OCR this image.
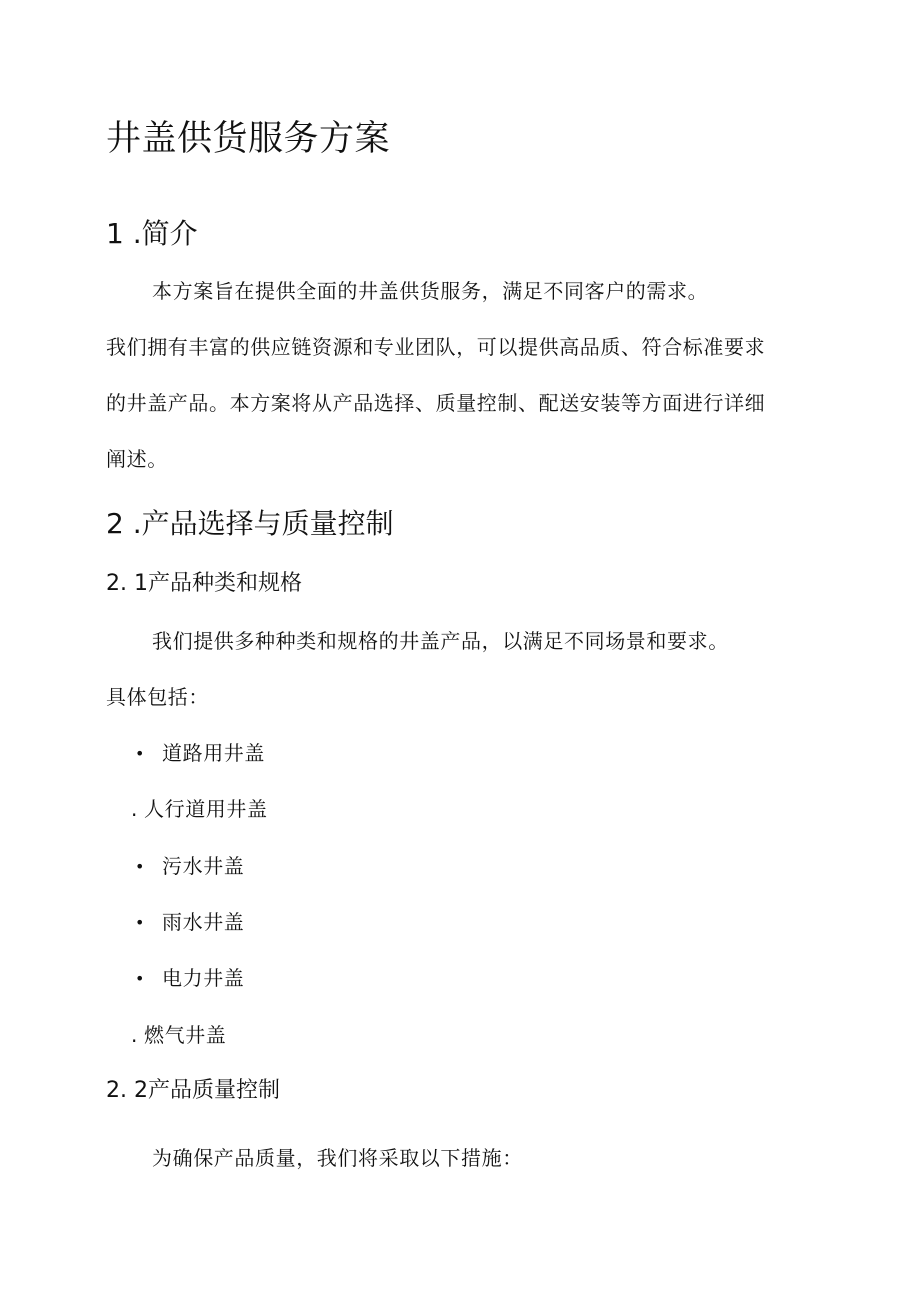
井盖供货服务方案
1 .简介
本方案旨在提供全面的井盖供货服务，满足不同客户的需求。
我们拥有丰富的供应链资源和专业团队，可以提供高品质、符合标准要求
的井盖产品。本方案将从产品选择、质量控制、配送安装等方面进行详细
阐述。
2 .产品选择与质量控制
2. 1产品种类和规格
我们提供多种种类和规格的井盖产品，以满足不同场景和要求。
具体包括：
• 道路用井盖
. 人行道用井盖
• 污水井盖
• 雨水井盖
• 电力井盖
. 燃气井盖
2. 2产品质量控制
为确保产品质量，我们将采取以下措施：
